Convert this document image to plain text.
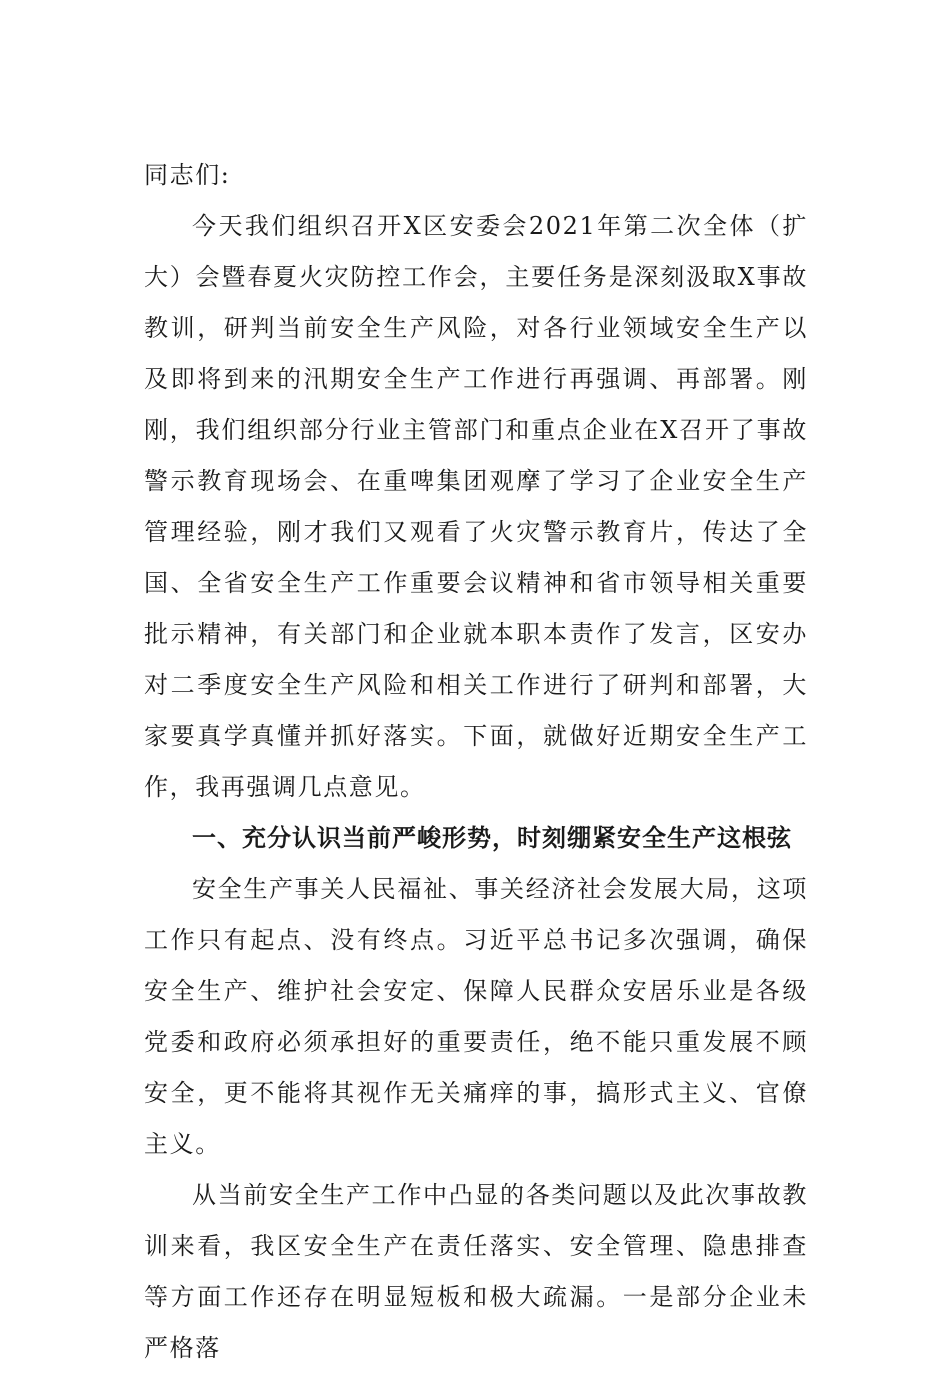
同志们:

今天我们组织召开X区安委会2021年第二次全体（扩大）会暨春夏火灾防控工作会，主要任务是深刻汲取X事故教训，研判当前安全生产风险，对各行业领域安全生产以及即将到来的汛期安全生产工作进行再强调、再部署。刚刚，我们组织部分行业主管部门和重点企业在X召开了事故警示教育现场会、在重啤集团观摩了学习了企业安全生产管理经验，刚才我们又观看了火灾警示教育片，传达了全国、全省安全生产工作重要会议精神和省市领导相关重要批示精神，有关部门和企业就本职本责作了发言，区安办对二季度安全生产风险和相关工作进行了研判和部署，大家要真学真懂并抓好落实。下面，就做好近期安全生产工作，我再强调几点意见。

一、充分认识当前严峻形势，时刻绷紧安全生产这根弦

安全生产事关人民福祉、事关经济社会发展大局，这项工作只有起点、没有终点。习近平总书记多次强调，确保安全生产、维护社会安定、保障人民群众安居乐业是各级党委和政府必须承担好的重要责任，绝不能只重发展不顾安全，更不能将其视作无关痛痒的事，搞形式主义、官僚主义。

从当前安全生产工作中凸显的各类问题以及此次事故教训来看，我区安全生产在责任落实、安全管理、隐患排查等方面工作还存在明显短板和极大疏漏。一是部分企业未严格落
